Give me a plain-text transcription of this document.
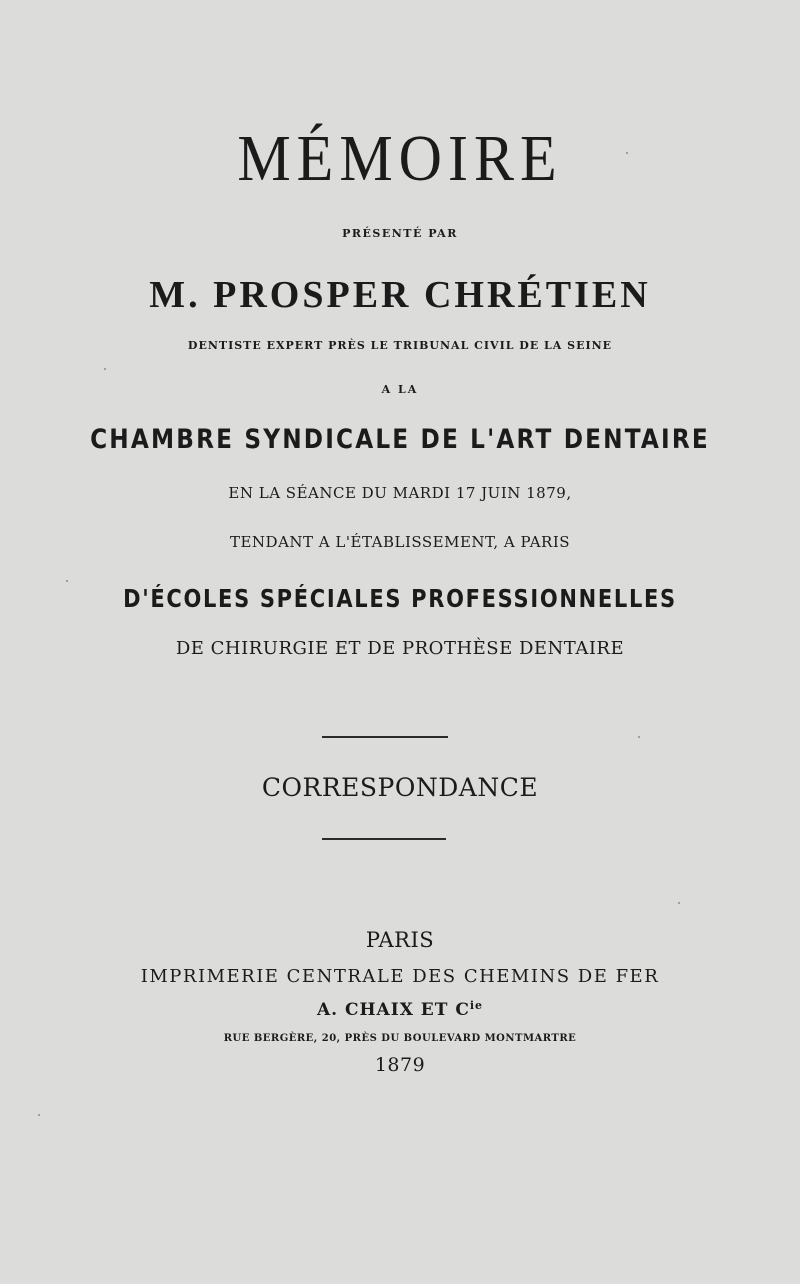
MÉMOIRE
PRÉSENTÉ PAR
M. PROSPER CHRÉTIEN
DENTISTE EXPERT PRÈS LE TRIBUNAL CIVIL DE LA SEINE
A LA
CHAMBRE SYNDICALE DE L'ART DENTAIRE
EN LA SÉANCE DU MARDI 17 JUIN 1879,
TENDANT A L'ÉTABLISSEMENT, A PARIS
D'ÉCOLES SPÉCIALES PROFESSIONNELLES
DE CHIRURGIE ET DE PROTHÈSE DENTAIRE
CORRESPONDANCE
PARIS
IMPRIMERIE CENTRALE DES CHEMINS DE FER
A. CHAIX ET $C^{ie}$
RUE BERGÈRE, 20, PRÈS DU BOULEVARD MONTMARTRE
1879
